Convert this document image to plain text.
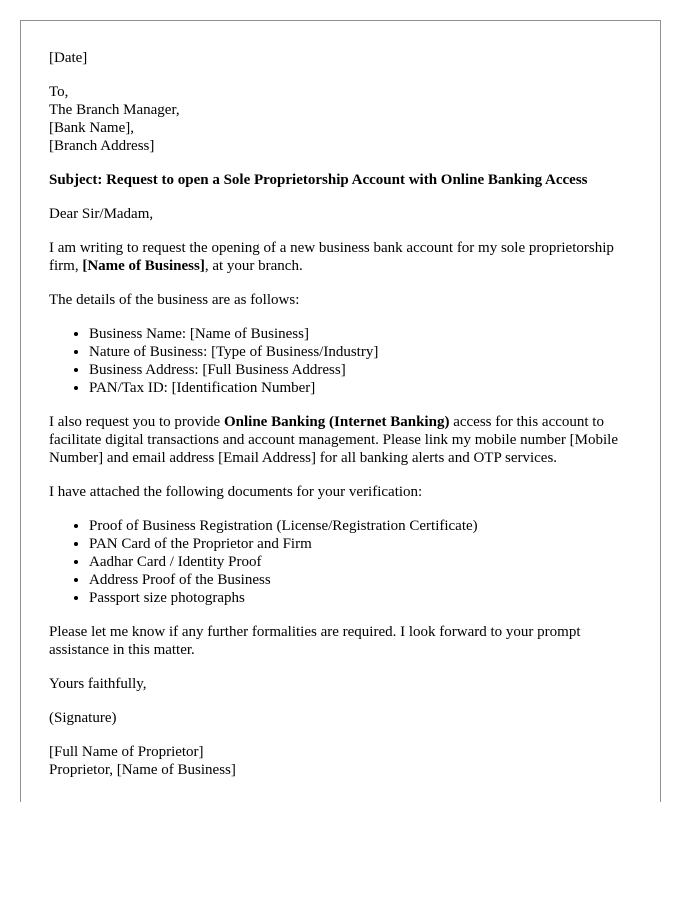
[Date]
To,
The Branch Manager,
[Bank Name],
[Branch Address]
Subject: Request to open a Sole Proprietorship Account with Online Banking Access

Dear Sir/Madam,

I am writing to request the opening of a new business bank account for my sole proprietorship firm, [Name of Business], at your branch.

The details of the business are as follows:

• Business Name: [Name of Business]
• Nature of Business: [Type of Business/Industry]
• Business Address: [Full Business Address]
• PAN/Tax ID: [Identification Number]

I also request you to provide Online Banking (Internet Banking) access for this account to facilitate digital transactions and account management. Please link my mobile number [Mobile Number] and email address [Email Address] for all banking alerts and OTP services.

I have attached the following documents for your verification:

• Proof of Business Registration (License/Registration Certificate)
• PAN Card of the Proprietor and Firm
• Aadhar Card / Identity Proof
• Address Proof of the Business
• Passport size photographs

Please let me know if any further formalities are required. I look forward to your prompt assistance in this matter.

Yours faithfully,

(Signature)

[Full Name of Proprietor]
Proprietor, [Name of Business]
